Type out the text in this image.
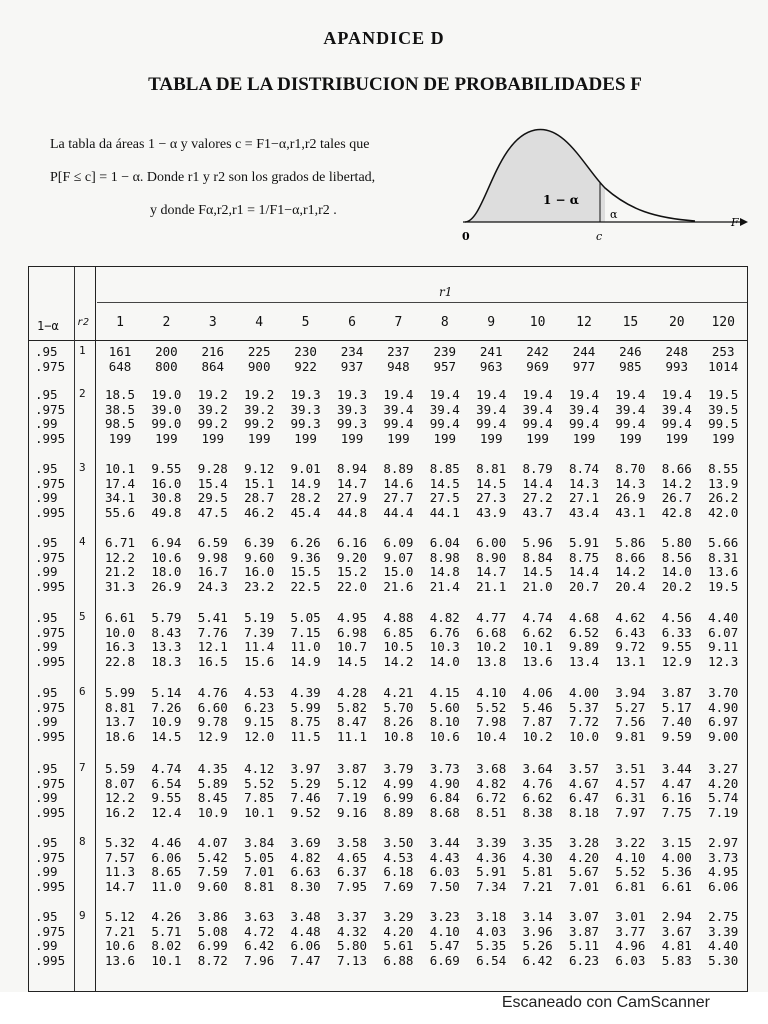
APANDICE D
TABLA DE LA DISTRIBUCION DE PROBABILIDADES F
La tabla da áreas 1 − α y valores c = F1−α,r1,r2 tales que
P[F ≤ c] = 1 − α. Donde r1 y r2 son los grados de libertad,
y donde Fα,r2,r1 = 1/F1−α,r1,r2 .
1 − α
α
0	c
F
r1
1−α r2	1	2	3	4	5	6	7	8	9	10	12	15	20	120
.95	1	161	200	216	225	230	234	237	239	241	242	244	246	248	253
.975	648	800	864	900	922	937	948	957	963	969	977	985	993	1014
.95	2	18.5	19.0	19.2	19.2	19.3	19.3	19.4	19.4	19.4	19.4	19.4	19.4	19.4	19.5
.975	38.5	39.0	39.2	39.2	39.3	39.3	39.4	39.4	39.4	39.4	39.4	39.4	39.4	39.5
.99	98.5	99.0	99.2	99.2	99.3	99.3	99.4	99.4	99.4	99.4	99.4	99.4	99.4	99.5
.995	199	199	199	199	199	199	199	199	199	199	199	199	199	199
.95	3	10.1	9.55	9.28	9.12	9.01	8.94	8.89	8.85	8.81	8.79	8.74	8.70	8.66	8.55
.975	17.4	16.0	15.4	15.1	14.9	14.7	14.6	14.5	14.5	14.4	14.3	14.3	14.2	13.9
.99	34.1	30.8	29.5	28.7	28.2	27.9	27.7	27.5	27.3	27.2	27.1	26.9	26.7	26.2
.995	55.6	49.8	47.5	46.2	45.4	44.8	44.4	44.1	43.9	43.7	43.4	43.1	42.8	42.0
.95	4	6.71	6.94	6.59	6.39	6.26	6.16	6.09	6.04	6.00	5.96	5.91	5.86	5.80	5.66
.975	12.2	10.6	9.98	9.60	9.36	9.20	9.07	8.98	8.90	8.84	8.75	8.66	8.56	8.31
.99	21.2	18.0	16.7	16.0	15.5	15.2	15.0	14.8	14.7	14.5	14.4	14.2	14.0	13.6
.995	31.3	26.9	24.3	23.2	22.5	22.0	21.6	21.4	21.1	21.0	20.7	20.4	20.2	19.5
.95	5	6.61	5.79	5.41	5.19	5.05	4.95	4.88	4.82	4.77	4.74	4.68	4.62	4.56	4.40
.975	10.0	8.43	7.76	7.39	7.15	6.98	6.85	6.76	6.68	6.62	6.52	6.43	6.33	6.07
.99	16.3	13.3	12.1	11.4	11.0	10.7	10.5	10.3	10.2	10.1	9.89	9.72	9.55	9.11
.995	22.8	18.3	16.5	15.6	14.9	14.5	14.2	14.0	13.8	13.6	13.4	13.1	12.9	12.3
.95	6	5.99	5.14	4.76	4.53	4.39	4.28	4.21	4.15	4.10	4.06	4.00	3.94	3.87	3.70
.975	8.81	7.26	6.60	6.23	5.99	5.82	5.70	5.60	5.52	5.46	5.37	5.27	5.17	4.90
.99	13.7	10.9	9.78	9.15	8.75	8.47	8.26	8.10	7.98	7.87	7.72	7.56	7.40	6.97
.995	18.6	14.5	12.9	12.0	11.5	11.1	10.8	10.6	10.4	10.2	10.0	9.81	9.59	9.00
.95	7	5.59	4.74	4.35	4.12	3.97	3.87	3.79	3.73	3.68	3.64	3.57	3.51	3.44	3.27
.975	8.07	6.54	5.89	5.52	5.29	5.12	4.99	4.90	4.82	4.76	4.67	4.57	4.47	4.20
.99	12.2	9.55	8.45	7.85	7.46	7.19	6.99	6.84	6.72	6.62	6.47	6.31	6.16	5.74
.995	16.2	12.4	10.9	10.1	9.52	9.16	8.89	8.68	8.51	8.38	8.18	7.97	7.75	7.19
.95	8	5.32	4.46	4.07	3.84	3.69	3.58	3.50	3.44	3.39	3.35	3.28	3.22	3.15	2.97
.975	7.57	6.06	5.42	5.05	4.82	4.65	4.53	4.43	4.36	4.30	4.20	4.10	4.00	3.73
.99	11.3	8.65	7.59	7.01	6.63	6.37	6.18	6.03	5.91	5.81	5.67	5.52	5.36	4.95
.995	14.7	11.0	9.60	8.81	8.30	7.95	7.69	7.50	7.34	7.21	7.01	6.81	6.61	6.06
.95	9	5.12	4.26	3.86	3.63	3.48	3.37	3.29	3.23	3.18	3.14	3.07	3.01	2.94	2.75
.975	7.21	5.71	5.08	4.72	4.48	4.32	4.20	4.10	4.03	3.96	3.87	3.77	3.67	3.39
.99	10.6	8.02	6.99	6.42	6.06	5.80	5.61	5.47	5.35	5.26	5.11	4.96	4.81	4.40
.995	13.6	10.1	8.72	7.96	7.47	7.13	6.88	6.69	6.54	6.42	6.23	6.03	5.83	5.30
Escaneado con CamScanner
